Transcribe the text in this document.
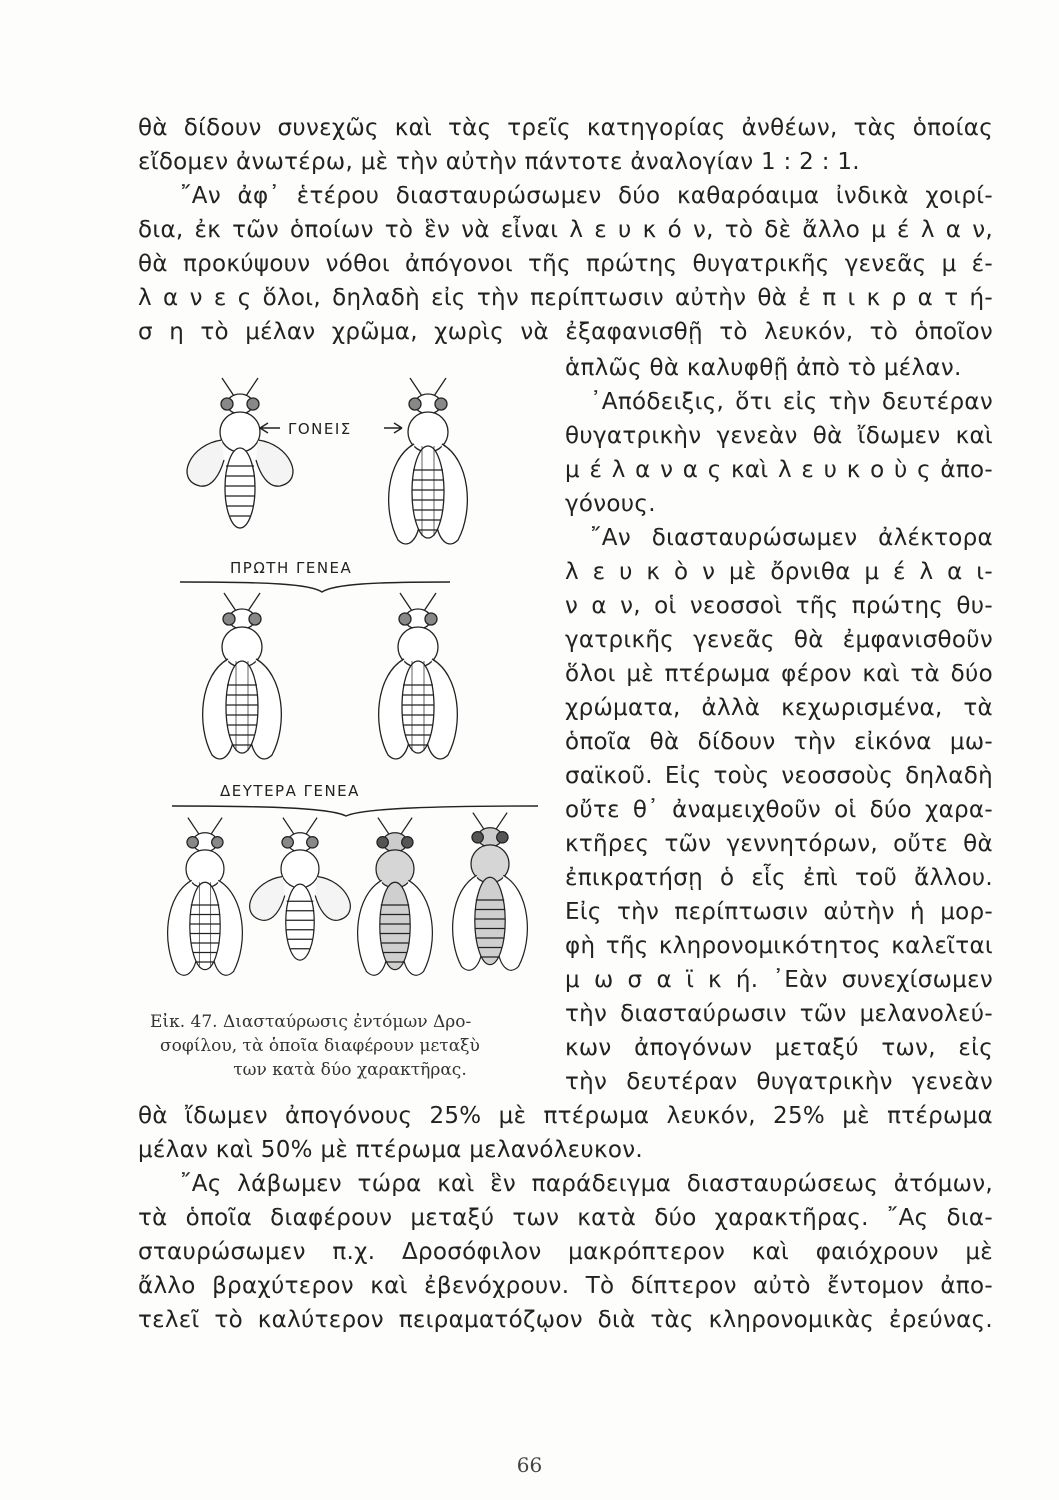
θὰ δίδουν συνεχῶς καὶ τὰς τρεῖς κατηγορίας ἀνθέων, τὰς ὁποίας
εἴδομεν ἀνωτέρω, μὲ τὴν αὐτὴν πάντοτε ἀναλογίαν 1 : 2 : 1.
῎Αν ἀφ᾽ ἑτέρου διασταυρώσωμεν δύο καθαρόαιμα ἰνδικὰ χοιρί-
δια, ἐκ τῶν ὁποίων τὸ ἓν νὰ εἶναι λ ε υ κ ό ν, τὸ δὲ ἄλλο μ έ λ α ν,
θὰ προκύψουν νόθοι ἀπόγονοι τῆς πρώτης θυγατρικῆς γενεᾶς μ έ-
λ α ν ε ς ὅλοι, δηλαδὴ εἰς τὴν περίπτωσιν αὐτὴν θὰ ἐ π ι κ ρ α τ ή-
σ η τὸ μέλαν χρῶμα, χωρὶς νὰ ἐξαφανισθῇ τὸ λευκόν, τὸ ὁποῖον
ἁπλῶς θὰ καλυφθῇ ἀπὸ τὸ μέλαν.
᾿Απόδειξις, ὅτι εἰς τὴν δευτέραν
θυγατρικὴν γενεὰν θὰ ἴδωμεν καὶ
μ έ λ α ν α ς καὶ λ ε υ κ ο ὺ ς ἀπο-
γόνους.
῎Αν διασταυρώσωμεν ἀλέκτορα
λ ε υ κ ὸ ν μὲ ὄρνιθα μ έ λ α ι-
ν α ν, οἱ νεοσσοὶ τῆς πρώτης θυ-
γατρικῆς γενεᾶς θὰ ἐμφανισθοῦν
ὅλοι μὲ πτέρωμα φέρον καὶ τὰ δύο
χρώματα, ἀλλὰ κεχωρισμένα, τὰ
ὁποῖα θὰ δίδουν τὴν εἰκόνα μω-
σαϊκοῦ. Εἰς τοὺς νεοσσοὺς δηλαδὴ
οὔτε θ᾽ ἀναμειχθοῦν οἱ δύο χαρα-
κτῆρες τῶν γεννητόρων, οὔτε θὰ
ἐπικρατήσῃ ὁ εἷς ἐπὶ τοῦ ἄλλου.
Εἰς τὴν περίπτωσιν αὐτὴν ἡ μορ-
φὴ τῆς κληρονομικότητος καλεῖται
μ ω σ α ϊ κ ή. ᾿Εὰν συνεχίσωμεν
τὴν διασταύρωσιν τῶν μελανολεύ-
κων ἀπογόνων μεταξύ των, εἰς
τὴν δευτέραν θυγατρικὴν γενεὰν
θὰ ἴδωμεν ἀπογόνους 25% μὲ πτέρωμα λευκόν, 25% μὲ πτέρωμα
μέλαν καὶ 50% μὲ πτέρωμα μελανόλευκον.
῎Ας λάβωμεν τώρα καὶ ἓν παράδειγμα διασταυρώσεως ἀτόμων,
τὰ ὁποῖα διαφέρουν μεταξύ των κατὰ δύο χαρακτῆρας. ῎Ας δια-
σταυρώσωμεν π.χ. Δροσόφιλον μακρόπτερον καὶ φαιόχρουν μὲ
ἄλλο βραχύτερον καὶ ἐβενόχρουν. Τὸ δίπτερον αὐτὸ ἔντομον ἀπο-
τελεῖ τὸ καλύτερον πειραματόζῳον διὰ τὰς κληρονομικὰς ἐρεύνας.
ΓΟΝΕΙΣ
ΠΡΩΤΗ ΓΕΝΕΑ
ΔΕΥΤΕΡΑ ΓΕΝΕΑ
Εἰκ. 47. Διασταύρωσις ἐντόμων Δρο-
σοφίλου, τὰ ὁποῖα διαφέρουν μεταξὺ
των κατὰ δύο χαρακτῆρας.
66
